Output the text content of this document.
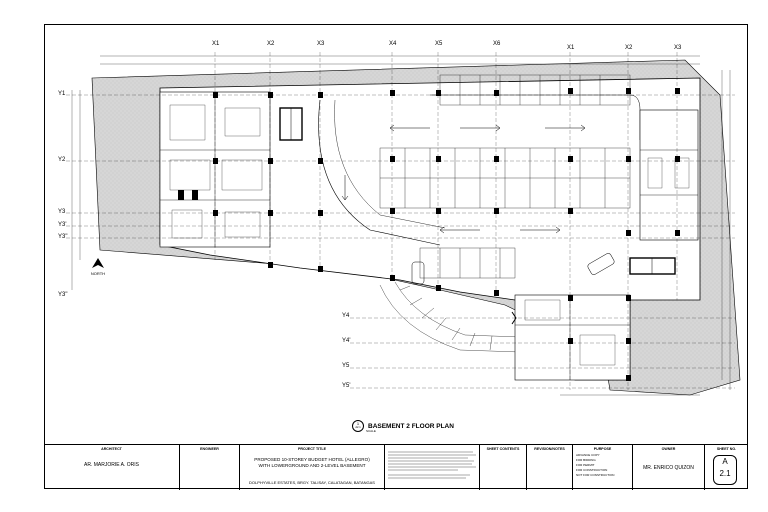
X1	X2	X3	X4	X5	X6
X1	X2	X3
Y1
Y2
Y3
Y3'
Y3"
Y3"
Y4
Y4'
Y5
Y5'
NORTH
1
A2.1 BASEMENT 2 FLOOR PLAN
SCALE
ARCHITECT
AR. MARJORIE A. ORIS
ENGINEER	PROJECT TITLE
PROPOSED 10-STOREY BUDGET HOTEL (ALLEGRO)
WITH LOWERGROUND AND 2-LEVEL BASEMENT
DOLPHYVILLE ESTATES, BRGY. TALISAY, CALATAGAN, BATANGAS
SHEET CONTENTS	REVISION/NOTES	PURPOSE
ADVANCE COPY
FOR BIDDING
FOR PERMIT
FOR CONSTRUCTION
NOT FOR CONSTRUCTION
OWNER
MR. ENRICO QUIZON
SHEET NO.
A
2.1
